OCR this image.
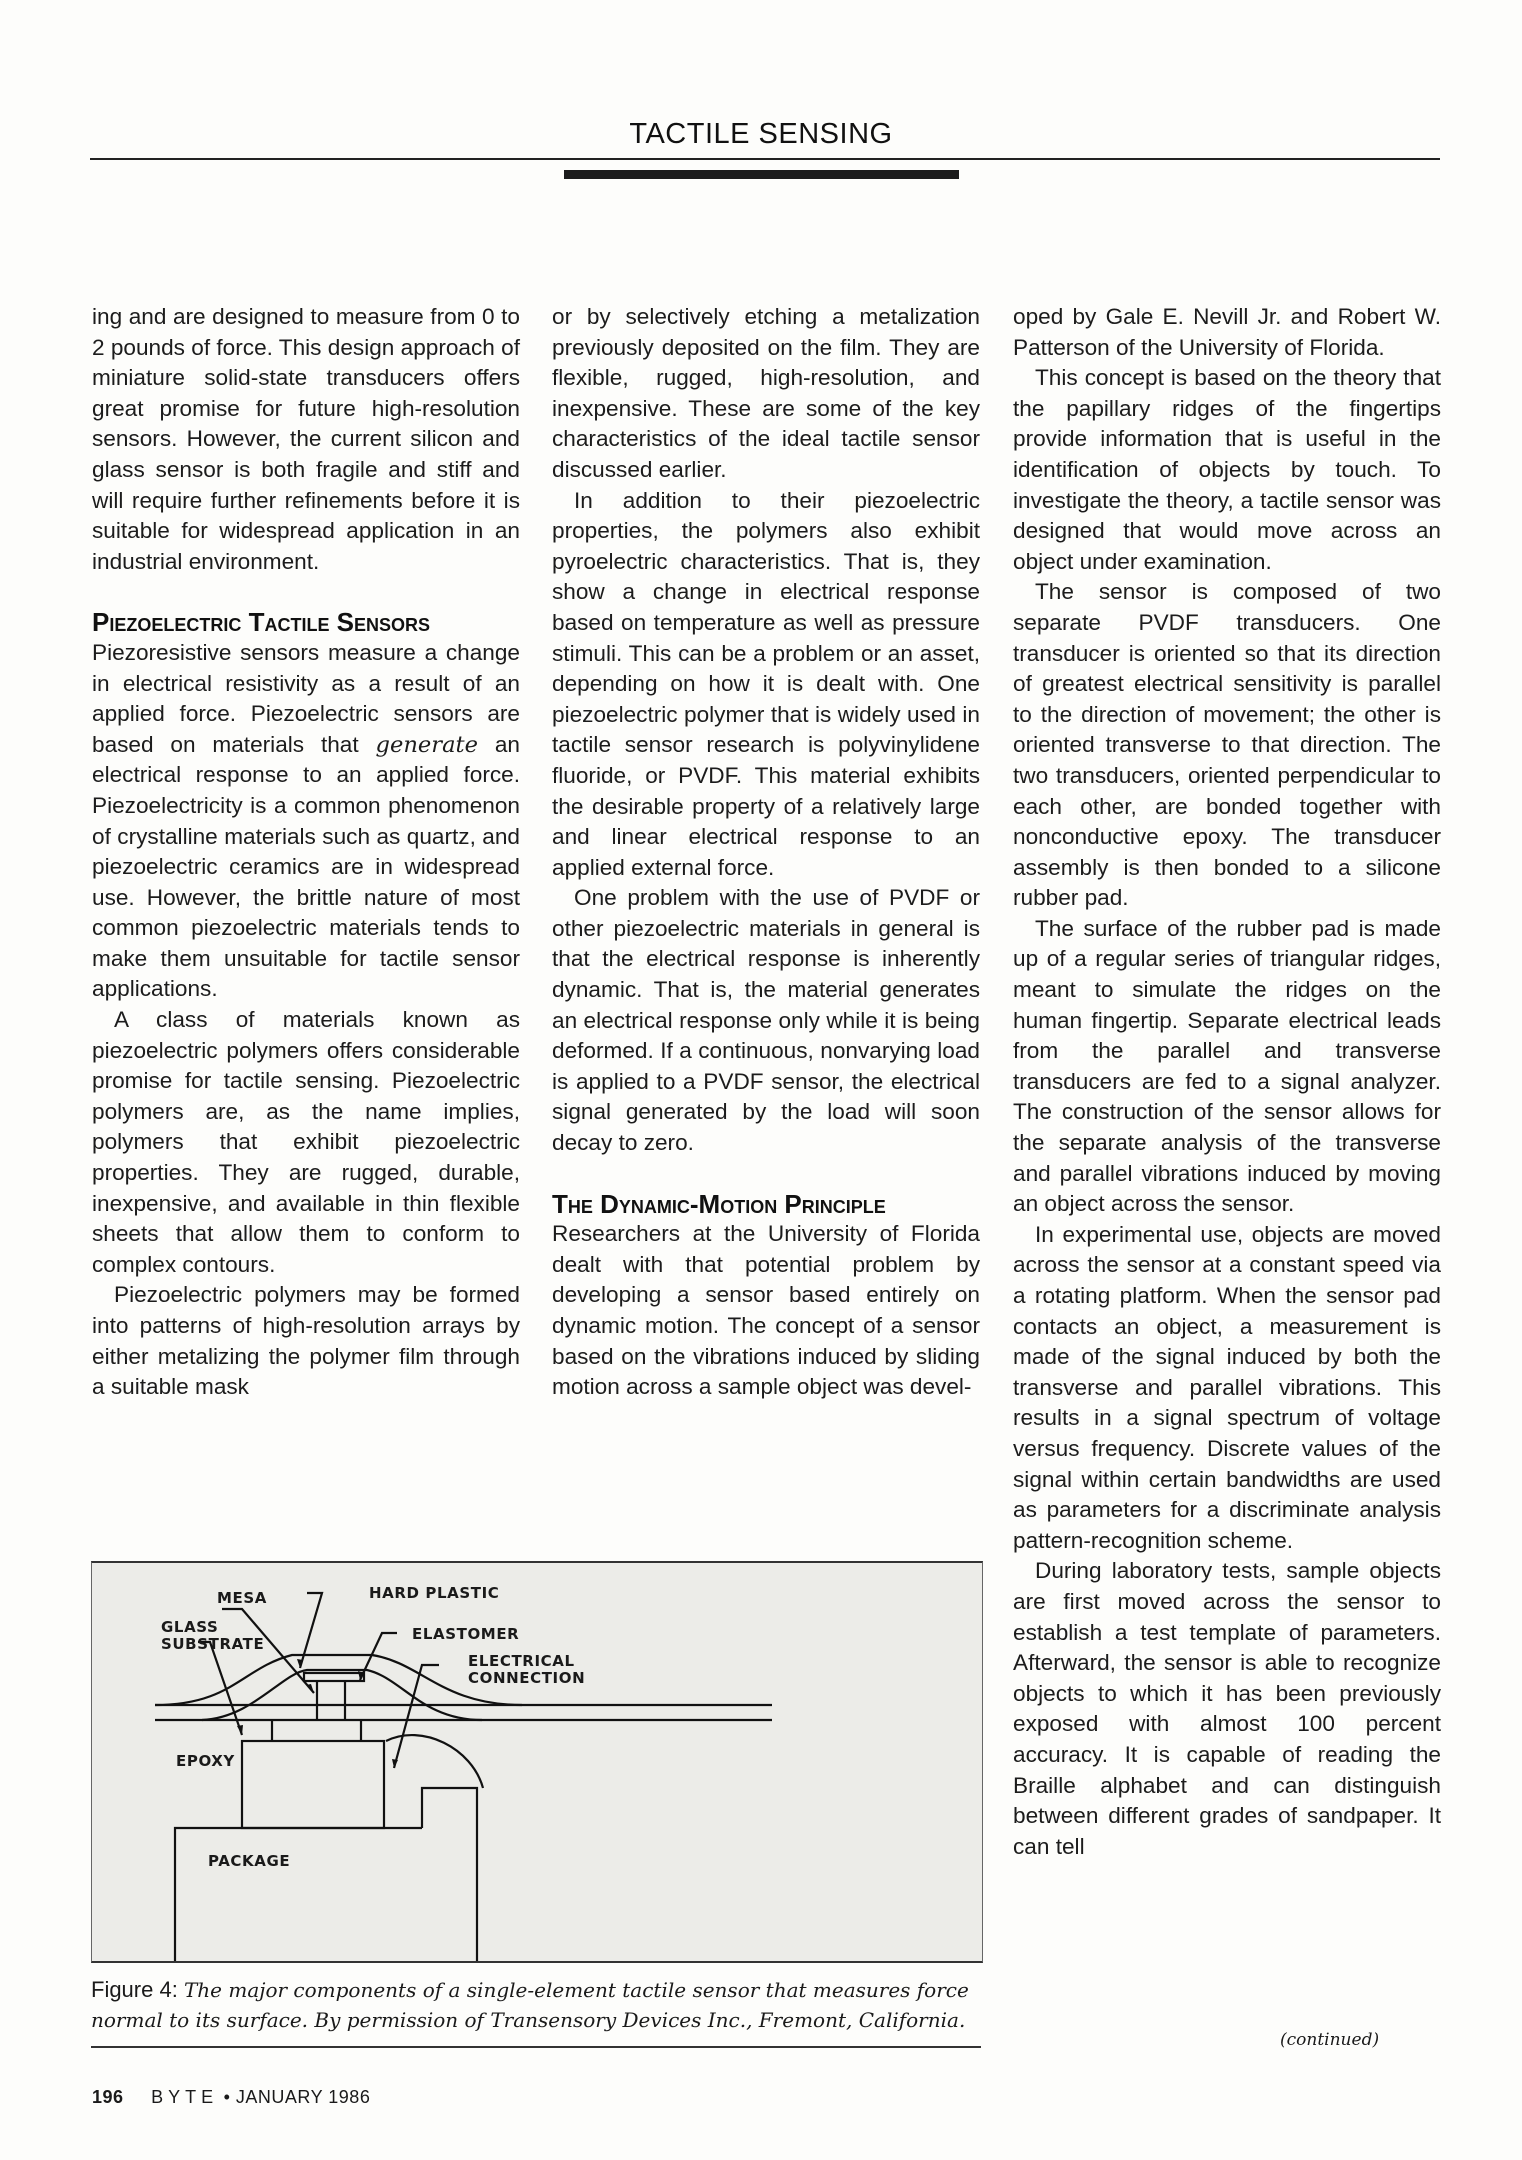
TACTILE SENSING

ing and are designed to measure from 0 to 2 pounds of force. This design approach of miniature solid-state transducers offers great promise for future high-resolution sensors. However, the current silicon and glass sensor is both fragile and stiff and will require further refinements before it is suitable for widespread application in an industrial environment.

Piezoelectric Tactile Sensors

Piezoresistive sensors measure a change in electrical resistivity as a result of an applied force. Piezoelectric sensors are based on materials that generate an electrical response to an applied force. Piezoelectricity is a common phenomenon of crystalline materials such as quartz, and piezoelectric ceramics are in widespread use. However, the brittle nature of most common piezoelectric materials tends to make them unsuitable for tactile sensor applications.

A class of materials known as piezoelectric polymers offers considerable promise for tactile sensing. Piezoelectric polymers are, as the name implies, polymers that exhibit piezoelectric properties. They are rugged, durable, inexpensive, and available in thin flexible sheets that allow them to conform to complex contours.

Piezoelectric polymers may be formed into patterns of high-resolution arrays by either metalizing the polymer film through a suitable mask

or by selectively etching a metalization previously deposited on the film. They are flexible, rugged, high-resolution, and inexpensive. These are some of the key characteristics of the ideal tactile sensor discussed earlier.

In addition to their piezoelectric properties, the polymers also exhibit pyroelectric characteristics. That is, they show a change in electrical response based on temperature as well as pressure stimuli. This can be a problem or an asset, depending on how it is dealt with. One piezoelectric polymer that is widely used in tactile sensor research is polyvinylidene fluoride, or PVDF. This material exhibits the desirable property of a relatively large and linear electrical response to an applied external force.

One problem with the use of PVDF or other piezoelectric materials in general is that the electrical response is inherently dynamic. That is, the material generates an electrical response only while it is being deformed. If a continuous, nonvarying load is applied to a PVDF sensor, the electrical signal generated by the load will soon decay to zero.

The Dynamic-Motion Principle

Researchers at the University of Florida dealt with that potential problem by developing a sensor based entirely on dynamic motion. The concept of a sensor based on the vibrations induced by sliding motion across a sample object was devel-

oped by Gale E. Nevill Jr. and Robert W. Patterson of the University of Florida.

This concept is based on the theory that the papillary ridges of the fingertips provide information that is useful in the identification of objects by touch. To investigate the theory, a tactile sensor was designed that would move across an object under examination.

The sensor is composed of two separate PVDF transducers. One transducer is oriented so that its direction of greatest electrical sensitivity is parallel to the direction of movement; the other is oriented transverse to that direction. The two transducers, oriented perpendicular to each other, are bonded together with nonconductive epoxy. The transducer assembly is then bonded to a silicone rubber pad.

The surface of the rubber pad is made up of a regular series of triangular ridges, meant to simulate the ridges on the human fingertip. Separate electrical leads from the parallel and transverse transducers are fed to a signal analyzer. The construction of the sensor allows for the separate analysis of the transverse and parallel vibrations induced by moving an object across the sensor.

In experimental use, objects are moved across the sensor at a constant speed via a rotating platform. When the sensor pad contacts an object, a measurement is made of the signal induced by both the transverse and parallel vibrations. This results in a signal spectrum of voltage versus frequency. Discrete values of the signal within certain bandwidths are used as parameters for a discriminate analysis pattern-recognition scheme.

During laboratory tests, sample objects are first moved across the sensor to establish a test template of parameters. Afterward, the sensor is able to recognize objects to which it has been previously exposed with almost 100 percent accuracy. It is capable of reading the Braille alphabet and can distinguish between different grades of sandpaper. It can tell

(continued)
MESA	HARD PLASTIC
GLASS
SUBSTRATE
ELASTOMER
ELECTRICAL
CONNECTION
EPOXY
PACKAGE
Figure 4: The major components of a single-element tactile sensor that measures force normal to its surface. By permission of Transensory Devices Inc., Fremont, California.
196 BYTE • JANUARY 1986
